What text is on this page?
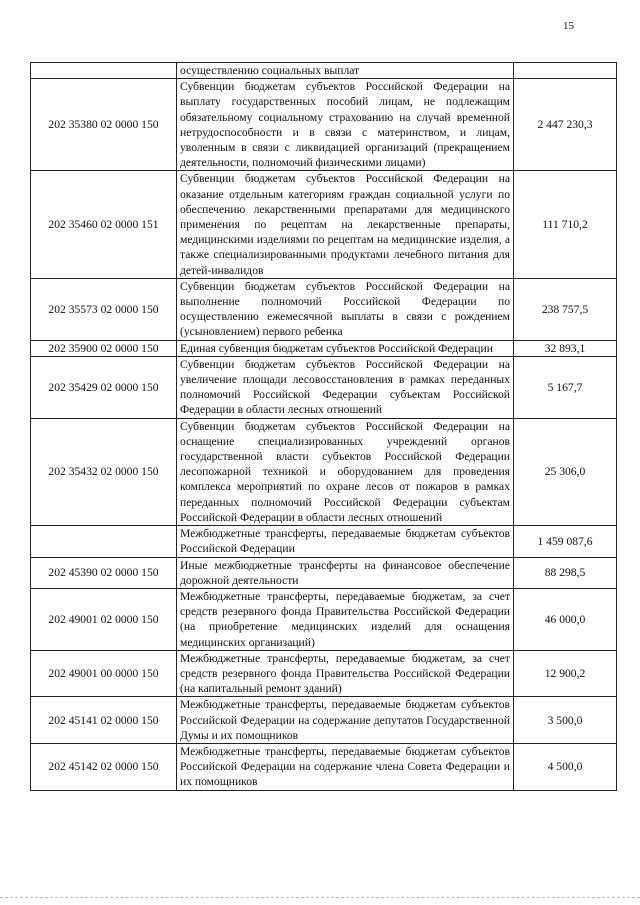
15
	осуществлению социальных выплат	
202 35380 02 0000 150	Субвенции бюджетам субъектов Российской Федерации на выплату государственных пособий лицам, не подлежащим обязательному социальному страхованию на случай временной нетрудоспособности и в связи с материнством, и лицам, уволенным в связи с ликвидацией организаций (прекращением деятельности, полномочий физическими лицами)	2 447 230,3
202 35460 02 0000 151	Субвенции бюджетам субъектов Российской Федерации на оказание отдельным категориям граждан социальной услуги по обеспечению лекарственными препаратами для медицинского применения по рецептам на лекарственные препараты, медицинскими изделиями по рецептам на медицинские изделия, а также специализированными продуктами лечебного питания для детей-инвалидов	111 710,2
202 35573 02 0000 150	Субвенции бюджетам субъектов Российской Федерации на выполнение полномочий Российской Федерации по осуществлению ежемесячной выплаты в связи с рождением (усыновлением) первого ребенка	238 757,5
202 35900 02 0000 150	Единая субвенция бюджетам субъектов Российской Федерации	32 893,1
202 35429 02 0000 150	Субвенции бюджетам субъектов Российской Федерации на увеличение площади лесовосстановления в рамках переданных полномочий Российской Федерации субъектам Российской Федерации в области лесных отношений	5 167,7
202 35432 02 0000 150	Субвенции бюджетам субъектов Российской Федерации на оснащение специализированных учреждений органов государственной власти субъектов Российской Федерации лесопожарной техникой и оборудованием для проведения комплекса мероприятий по охране лесов от пожаров в рамках переданных полномочий Российской Федерации субъектам Российской Федерации в области лесных отношений	25 306,0
	Межбюджетные трансферты, передаваемые бюджетам субъектов Российской Федерации	1 459 087,6
202 45390 02 0000 150	Иные межбюджетные трансферты на финансовое обеспечение дорожной деятельности	88 298,5
202 49001 02 0000 150	Межбюджетные трансферты, передаваемые бюджетам, за счет средств резервного фонда Правительства Российской Федерации (на приобретение медицинских изделий для оснащения медицинских организаций)	46 000,0
202 49001 00 0000 150	Межбюджетные трансферты, передаваемые бюджетам, за счет средств резервного фонда Правительства Российской Федерации (на капитальный ремонт зданий)	12 900,2
202 45141 02 0000 150	Межбюджетные трансферты, передаваемые бюджетам субъектов Российской Федерации на содержание депутатов Государственной Думы и их помощников	3 500,0
202 45142 02 0000 150	Межбюджетные трансферты, передаваемые бюджетам субъектов Российской Федерации на содержание члена Совета Федерации и их помощников	4 500,0
